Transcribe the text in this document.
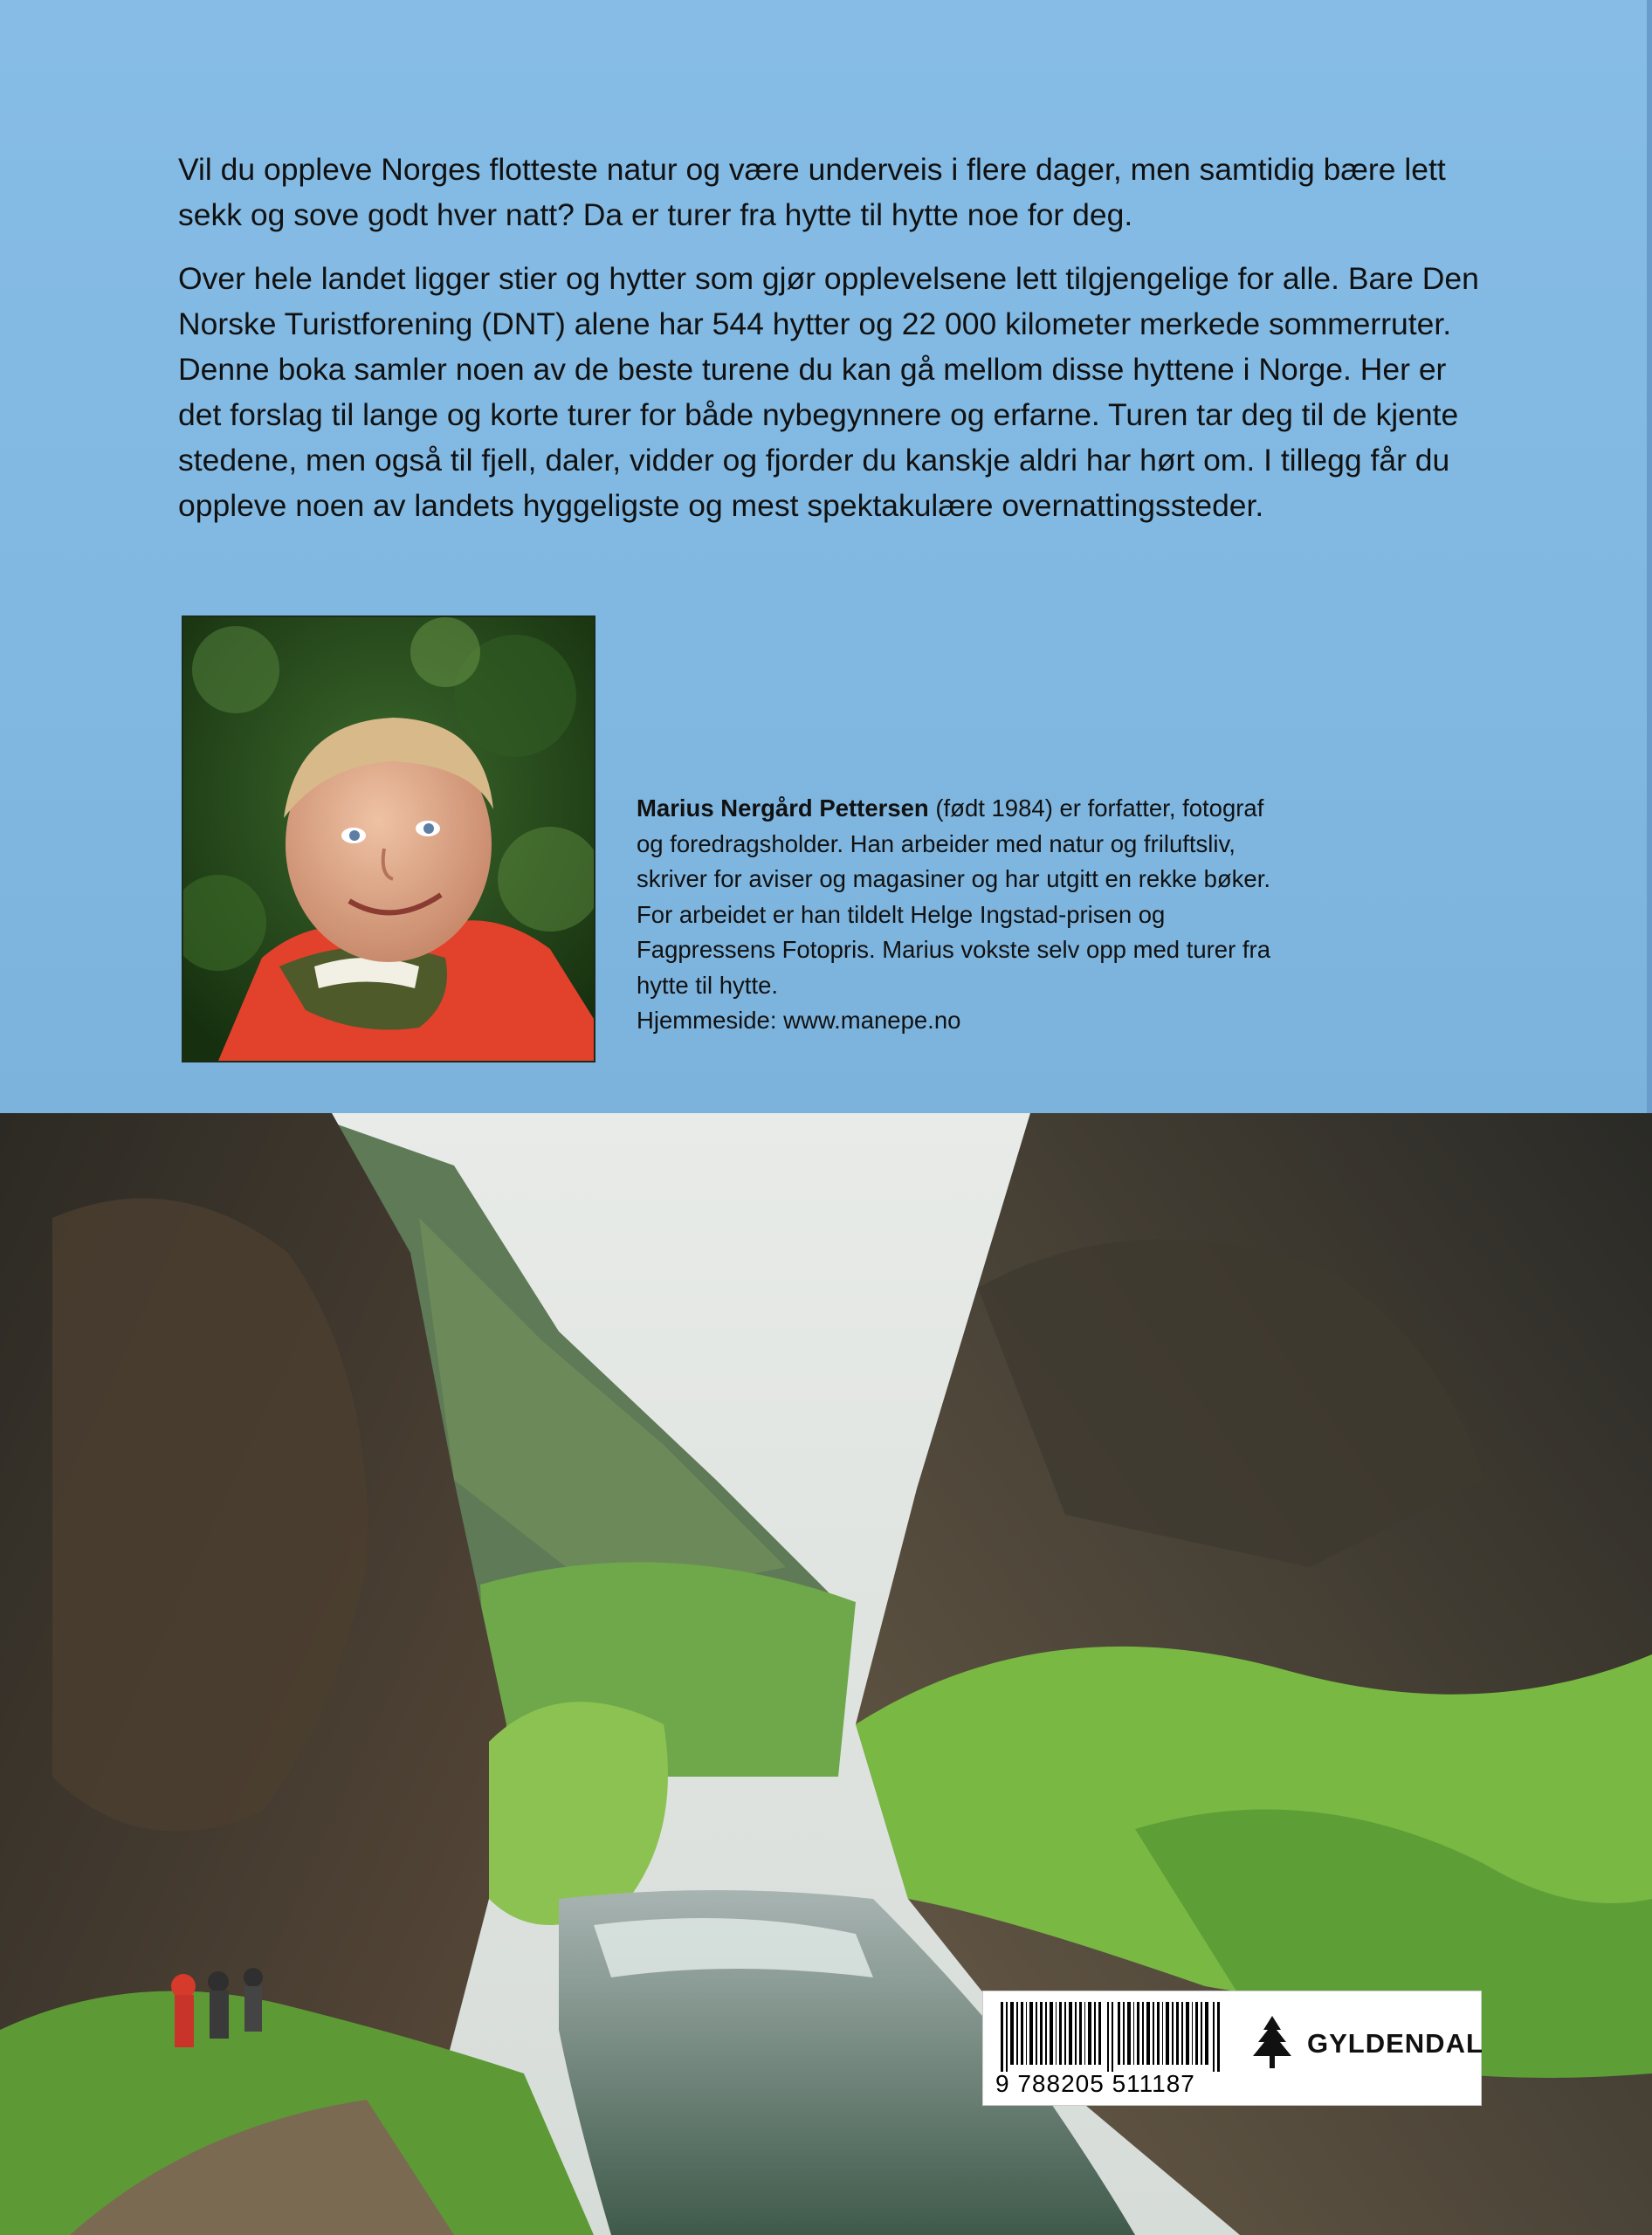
Vil du oppleve Norges flotteste natur og være underveis i flere dager, men samtidig bære lett sekk og sove godt hver natt? Da er turer fra hytte til hytte noe for deg.

Over hele landet ligger stier og hytter som gjør opplevelsene lett tilgjengelige for alle. Bare Den Norske Turistforening (DNT) alene har 544 hytter og 22 000 kilometer merkede sommerruter. Denne boka samler noen av de beste turene du kan gå mellom disse hyttene i Norge. Her er det forslag til lange og korte turer for både nybegynnere og erfarne. Turen tar deg til de kjente stedene, men også til fjell, daler, vidder og fjorder du kanskje aldri har hørt om. I tillegg får du oppleve noen av landets hyggeligste og mest spektakulære overnattingssteder.

Marius Nergård Pettersen (født 1984) er forfatter, fotograf og foredragsholder. Han arbeider med natur og friluftsliv, skriver for aviser og magasiner og har utgitt en rekke bøker. For arbeidet er han tildelt Helge Ingstad-prisen og Fagpressens Fotopris. Marius vokste selv opp med turer fra hytte til hytte.
Hjemmeside: www.manepe.no
9 788205 511187
GYLDENDAL
